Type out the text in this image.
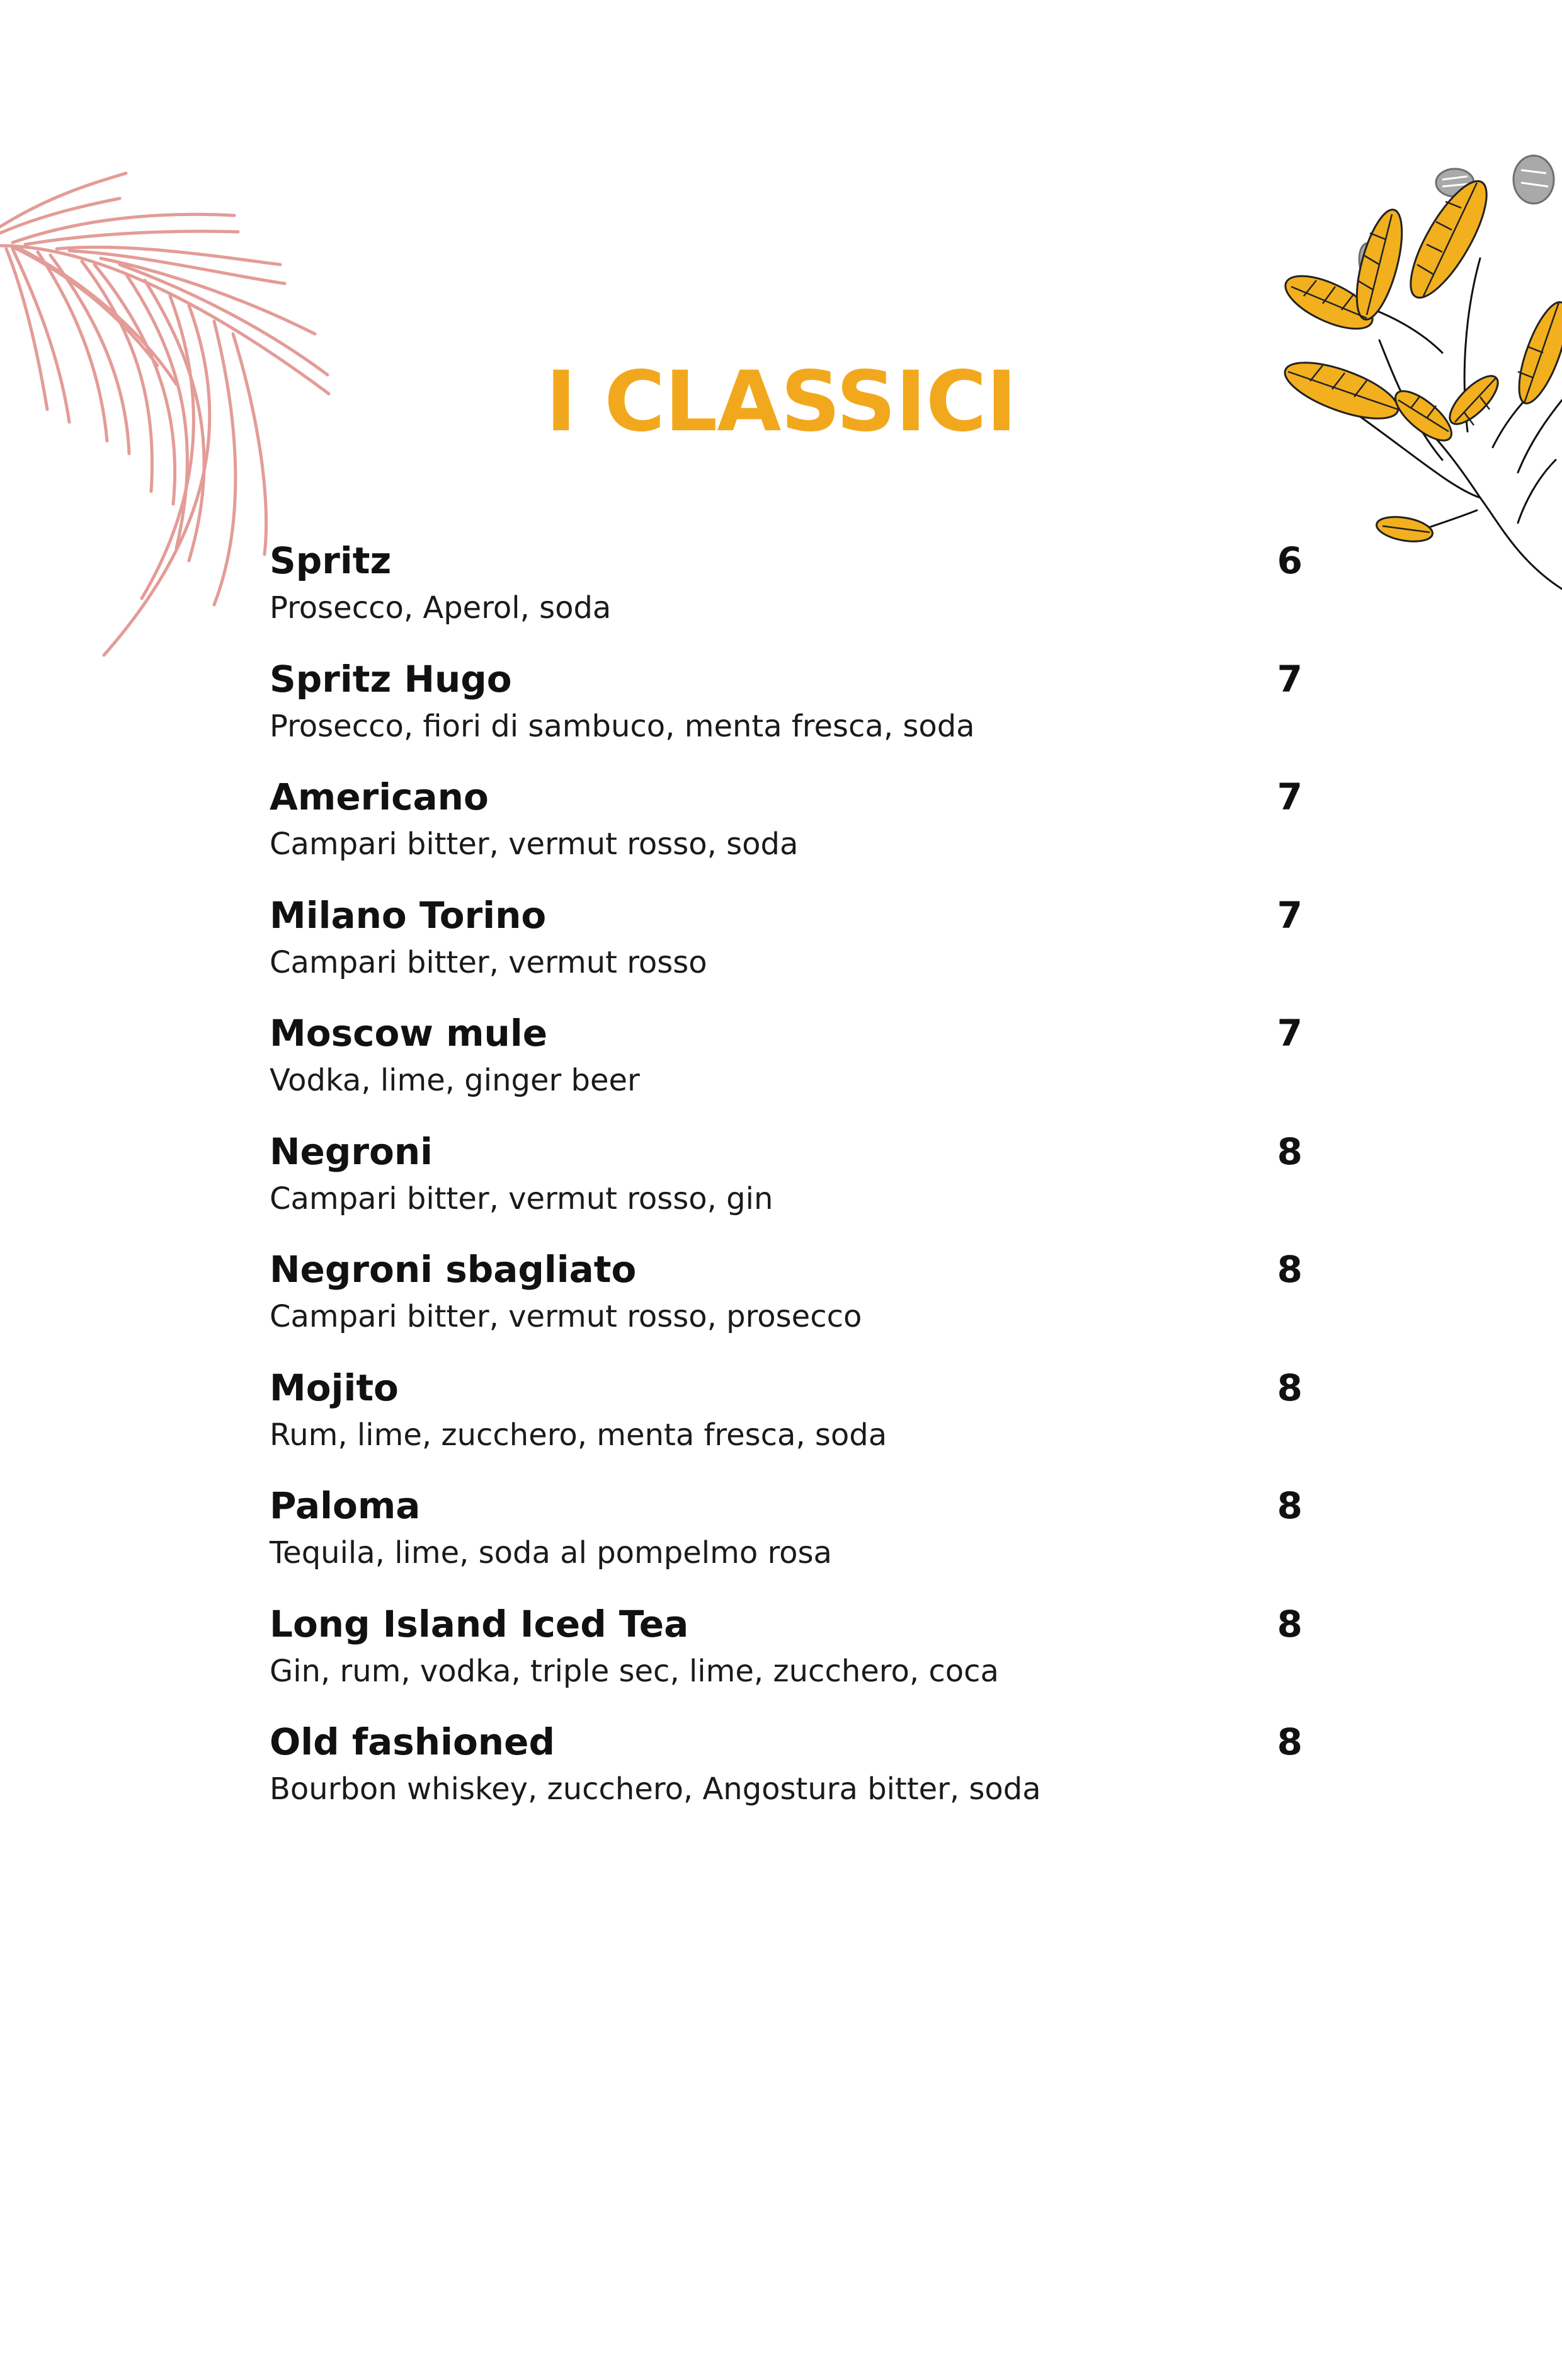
I CLASSICI
Spritz	6
Prosecco, Aperol, soda
Spritz Hugo	7
Prosecco, fiori di sambuco, menta fresca, soda
Americano	7
Campari bitter, vermut rosso, soda
Milano Torino	7
Campari bitter, vermut rosso
Moscow mule	7
Vodka, lime, ginger beer
Negroni	8
Campari bitter, vermut rosso, gin
Negroni sbagliato	8
Campari bitter, vermut rosso, prosecco
Mojito	8
Rum, lime, zucchero, menta fresca, soda
Paloma	8
Tequila, lime, soda al pompelmo rosa
Long Island Iced Tea	8
Gin, rum, vodka, triple sec, lime, zucchero, coca
Old fashioned	8
Bourbon whiskey, zucchero, Angostura bitter, soda
